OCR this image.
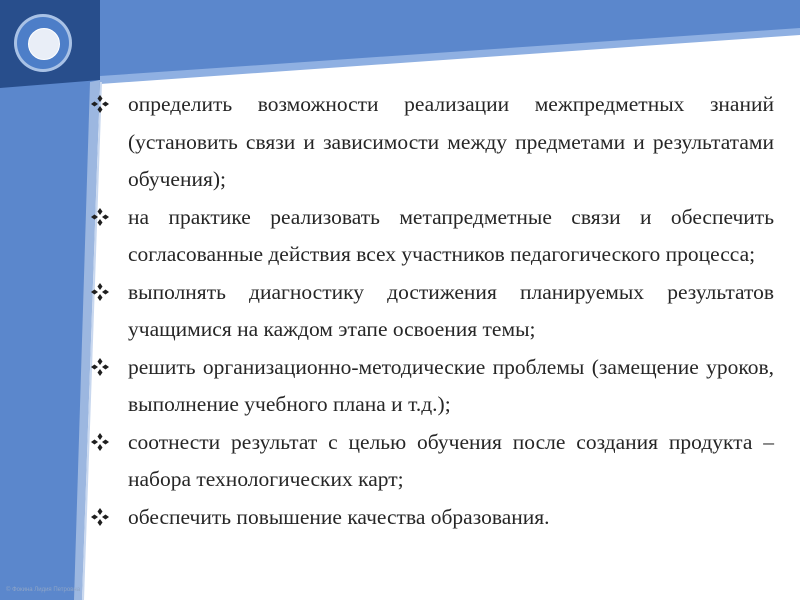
определить возможности реализации межпредметных знаний (установить связи и зависимости между предметами и результатами обучения);
на практике реализовать метапредметные связи и обеспечить согласованные действия всех участников педагогического процесса;
выполнять диагностику достижения планируемых результатов учащимися на каждом этапе освоения темы;
решить организационно-методические проблемы (замещение уроков, выполнение учебного плана и т.д.);
соотнести результат с целью обучения после создания продукта – набора технологических карт;
обеспечить повышение качества образования.
© Фокина Лидия Петровна
